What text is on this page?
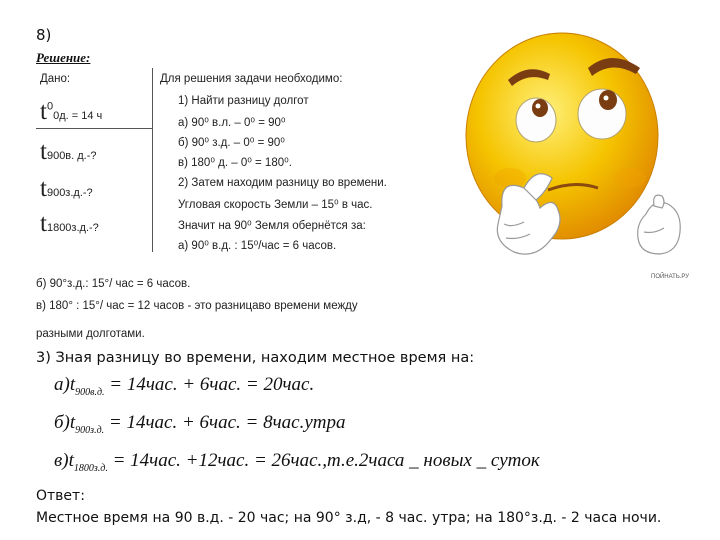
8)
Решение:
Дано:
$t^00д$. = 14 ч
t900в. д.-?
t900з.д.-?
t1800з.д.-?
Для решения задачи необходимо:
1) Найти разницу долгот
а) 90⁰ в.л. – 0⁰ = 90⁰
б) 90⁰ з.д. – 0⁰ = 90⁰
в) 180⁰ д. – 0⁰ = 180⁰.
2) Затем находим разницу во времени.
Угловая скорость Земли – 15⁰ в час.
Значит на 90⁰ Земля обернётся за:
а) 90⁰ в.д. : 15⁰/час = 6 часов.
б) 90°з.д.: 15°/ час = 6 часов.
в) 180° : 15°/ час = 12 часов - это разницаво времени между
разными долготами.
3) Зная разницу во времени, находим местное время на:
$а)t_{900в.д.} = 14час$. + 6час. = 20час.
$б)t_{900з.д.} = 14час$. + 6час. = 8час.утра
$в)t_{1800з.д.} = 14час$. +12час. = 26час.,т.е.2часа _ новых _ суток
Ответ:
Местное время на 90 в.д. - 20 час; на 90° з.д, - 8 час. утра; на 180°з.д. - 2 часа ночи.
ПОЙНАТЬ.РУ
